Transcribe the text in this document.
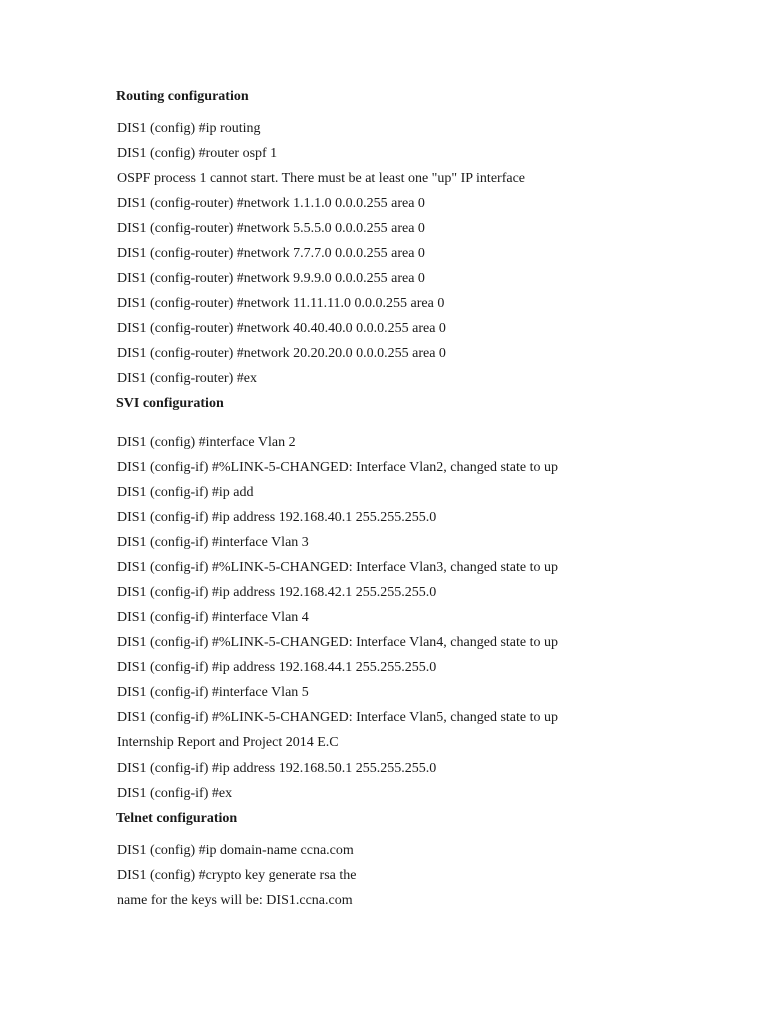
Routing configuration
DIS1 (config) #ip routing
DIS1 (config) #router ospf 1
OSPF process 1 cannot start. There must be at least one "up" IP interface
DIS1 (config-router) #network 1.1.1.0 0.0.0.255 area 0
DIS1 (config-router) #network 5.5.5.0 0.0.0.255 area 0
DIS1 (config-router) #network 7.7.7.0 0.0.0.255 area 0
DIS1 (config-router) #network 9.9.9.0 0.0.0.255 area 0
DIS1 (config-router) #network 11.11.11.0 0.0.0.255 area 0
DIS1 (config-router) #network 40.40.40.0 0.0.0.255 area 0
DIS1 (config-router) #network 20.20.20.0 0.0.0.255 area 0
DIS1 (config-router) #ex
SVI configuration
DIS1 (config) #interface Vlan 2
DIS1 (config-if) #%LINK-5-CHANGED: Interface Vlan2, changed state to up
DIS1 (config-if) #ip add
DIS1 (config-if) #ip address 192.168.40.1 255.255.255.0
DIS1 (config-if) #interface Vlan 3
DIS1 (config-if) #%LINK-5-CHANGED: Interface Vlan3, changed state to up
DIS1 (config-if) #ip address 192.168.42.1 255.255.255.0
DIS1 (config-if) #interface Vlan 4
DIS1 (config-if) #%LINK-5-CHANGED: Interface Vlan4, changed state to up
DIS1 (config-if) #ip address 192.168.44.1 255.255.255.0
DIS1 (config-if) #interface Vlan 5
DIS1 (config-if) #%LINK-5-CHANGED: Interface Vlan5, changed state to up
Internship Report and Project 2014 E.C
DIS1 (config-if) #ip address 192.168.50.1 255.255.255.0
DIS1 (config-if) #ex
Telnet configuration
DIS1 (config) #ip domain-name ccna.com
DIS1 (config) #crypto key generate rsa the
name for the keys will be: DIS1.ccna.com
